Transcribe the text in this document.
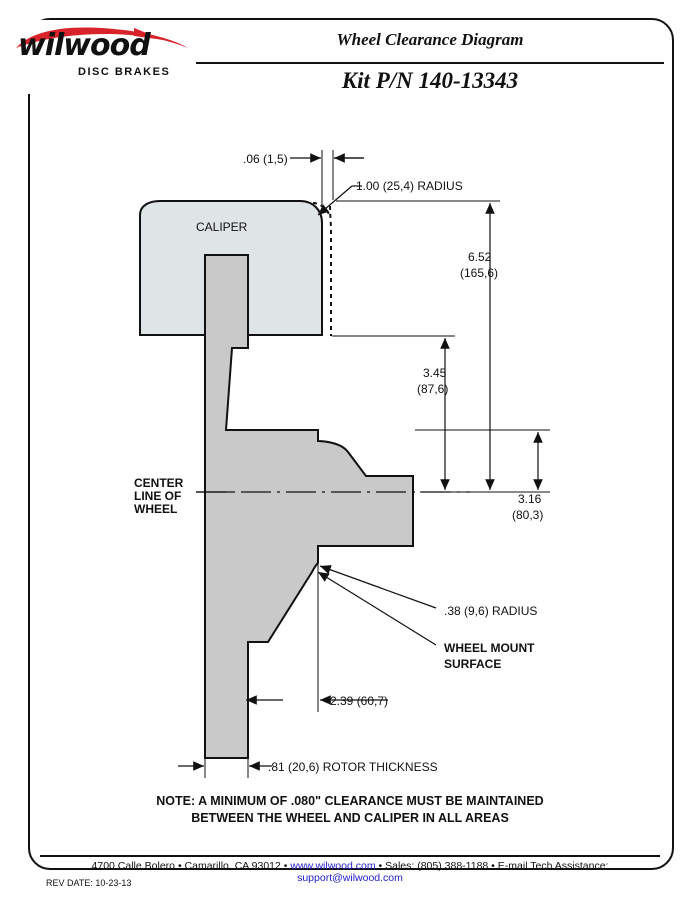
wilwood
DISC BRAKES
Wheel Clearance Diagram
Kit P/N 140-13343
.06 (1,5)
1.00 (25,4) RADIUS
6.52
(165,6)
3.45
(87,6)
3.16
(80,3)
.38 (9,6) RADIUS
WHEEL MOUNT
SURFACE
CENTER
LINE OF
WHEEL
CALIPER
2.39 (60,7)
.81 (20,6) ROTOR THICKNESS
NOTE: A MINIMUM OF .080" CLEARANCE MUST BE MAINTAINED
BETWEEN THE WHEEL AND CALIPER IN ALL AREAS
4700 Calle Bolero • Camarillo, CA 93012 • www.wilwood.com • Sales: (805) 388-1188 • E-mail Tech Assistance: support@wilwood.com
REV DATE: 10-23-13
